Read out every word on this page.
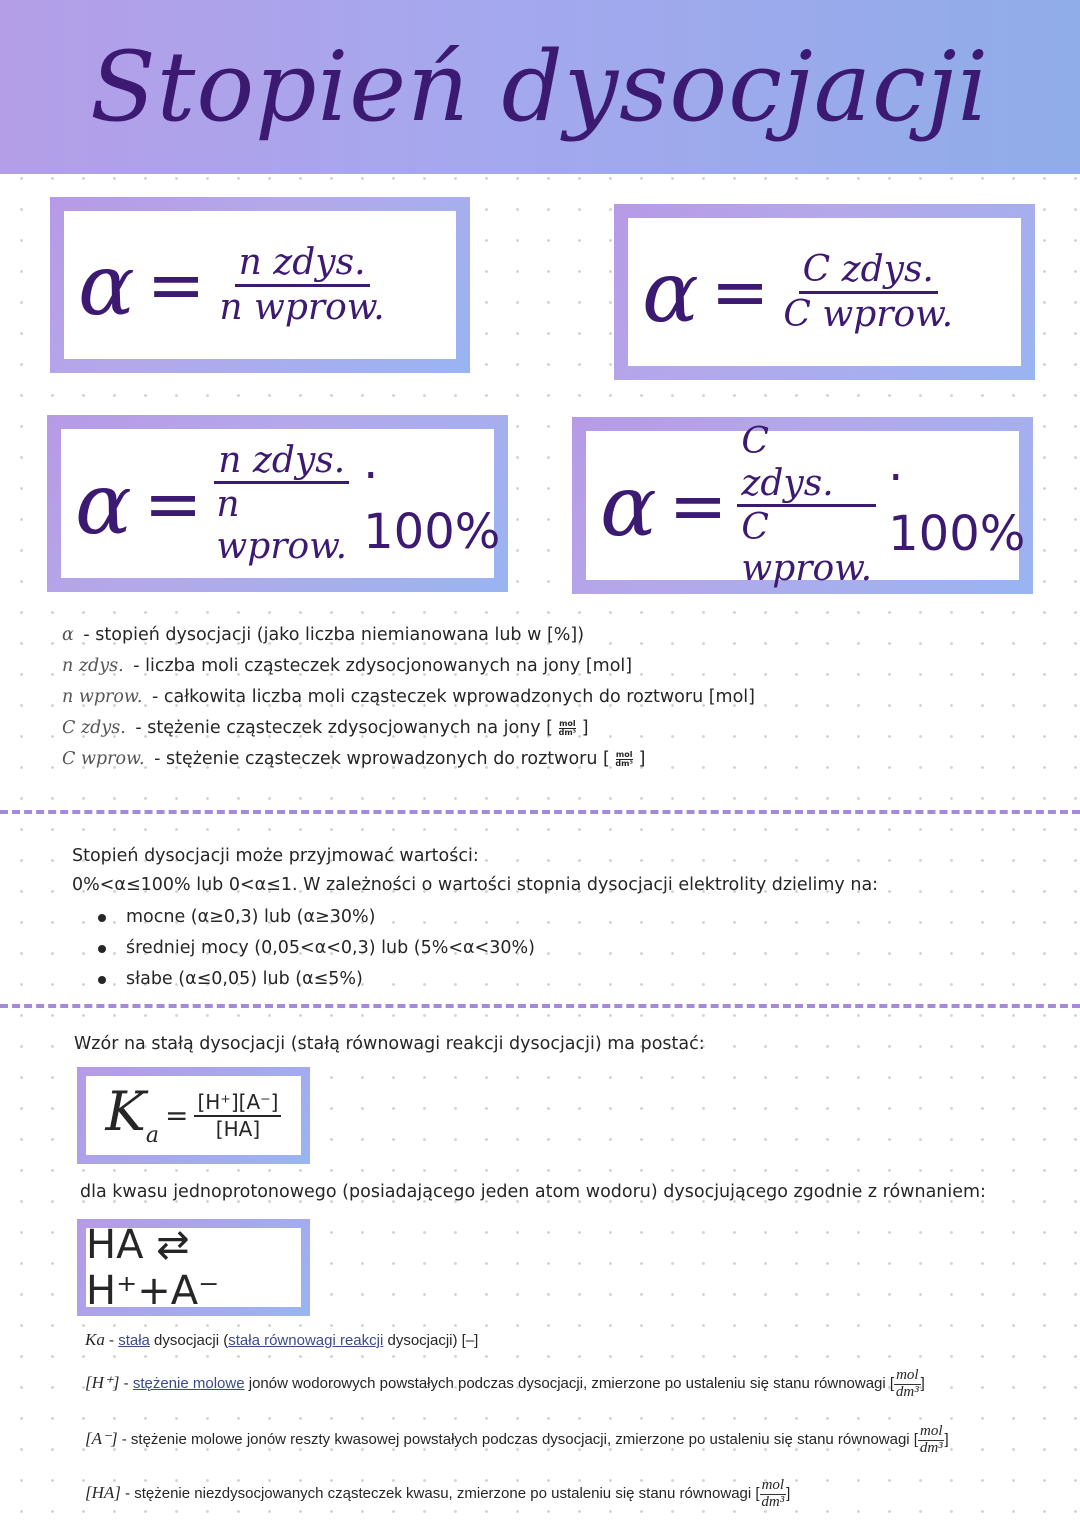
Stopień dysocjacji
$\alpha = \frac{\text{n zdys.}}{\text{n wprow.}}$	$\alpha = \frac{\text{C zdys.}}{\text{C wprow.}}$
$\alpha = \frac{\text{n zdys.}}{\text{n wprow.}} \cdot 100\%$ $\alpha = \frac{\text{C zdys.}}{\text{C wprow.}} \cdot 100\%$
α - stopień dysocjacji (jako liczba niemianowana lub w [%])
n zdys. - liczba moli cząsteczek zdysocjonowanych na jony [mol]
n wprow. - całkowita liczba moli cząsteczek wprowadzonych do roztworu [mol]
C zdys. - stężenie cząsteczek zdysocjowanych na jony [ mol
dm³ ]
C wprow. - stężenie cząsteczek wprowadzonych do roztworu [ mol
dm³ ]
Stopień dysocjacji może przyjmować wartości:
0%<α≤100% lub 0<α≤1. W zależności o wartości stopnia dysocjacji elektrolity dzielimy na:
mocne (α≥0,3) lub (α≥30%)
średniej mocy (0,05<α<0,3) lub (5%<α<30%)
słabe (α≤0,05) lub (α≤5%)
Wzór na stałą dysocjacji (stałą równowagi reakcji dysocjacji) ma postać:
$K_a$
= $\frac{[H^+][A^-]}{[HA]}$
dla kwasu jednoprotonowego (posiadającego jeden atom wodoru) dysocjującego zgodnie z równaniem:
HA ⇄ H⁺+A⁻
Ka - stała dysocjacji (stała równowagi reakcji dysocjacji) [–]
[H⁺] - stężenie molowe jonów wodorowych powstałych podczas dysocjacji, zmierzone po ustaleniu się stanu równowagi [
mol
dm³ ]
[A⁻] - stężenie molowe jonów reszty kwasowej powstałych podczas dysocjacji, zmierzone po ustaleniu się stanu równowagi [
mol
dm³ ]
[HA] - stężenie niezdysocjowanych cząsteczek kwasu, zmierzone po ustaleniu się stanu równowagi [
mol
dm³ ]
